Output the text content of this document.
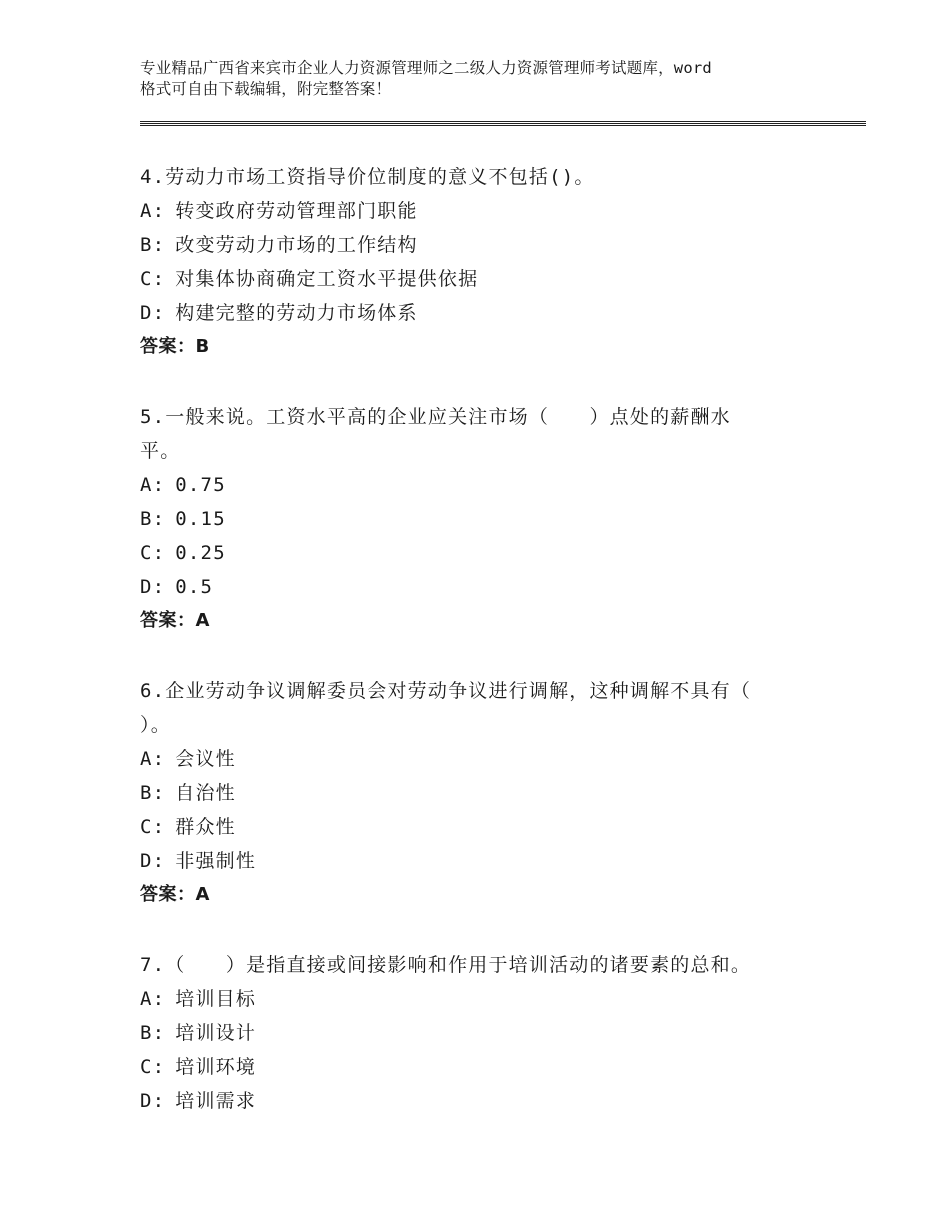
专业精品广西省来宾市企业人力资源管理师之二级人力资源管理师考试题库，word
格式可自由下载编辑，附完整答案！
4.劳动力市场工资指导价位制度的意义不包括()。
A: 转变政府劳动管理部门职能
B: 改变劳动力市场的工作结构
C: 对集体协商确定工资水平提供依据
D: 构建完整的劳动力市场体系
答案：B
5.一般来说。工资水平高的企业应关注市场（　　）点处的薪酬水
平。
A: 0.75
B: 0.15
C: 0.25
D: 0.5
答案：A
6.企业劳动争议调解委员会对劳动争议进行调解，这种调解不具有（
）。
A: 会议性
B: 自治性
C: 群众性
D: 非强制性
答案：A
7.（　　）是指直接或间接影响和作用于培训活动的诸要素的总和。
A: 培训目标
B: 培训设计
C: 培训环境
D: 培训需求
